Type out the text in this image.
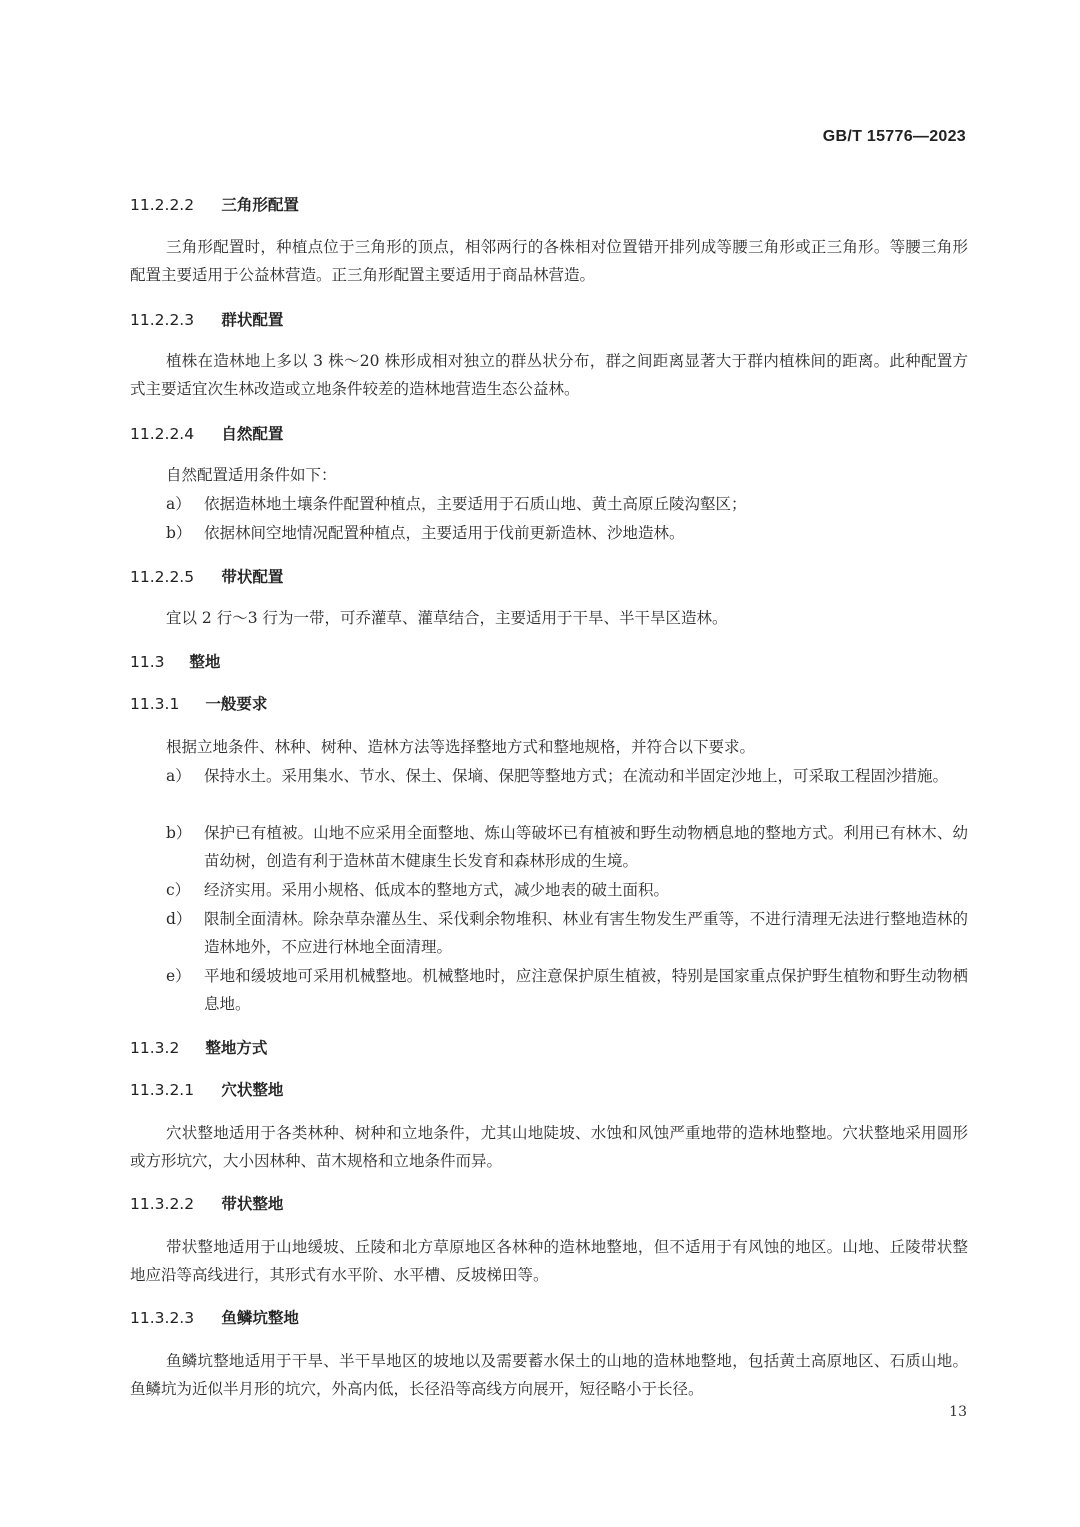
GB/T 15776—2023
11.2.2.2 三角形配置
三角形配置时，种植点位于三角形的顶点，相邻两行的各株相对位置错开排列成等腰三角形或正三角形。等腰三角形配置主要适用于公益林营造。正三角形配置主要适用于商品林营造。
11.2.2.3 群状配置
植株在造林地上多以 3 株～20 株形成相对独立的群丛状分布，群之间距离显著大于群内植株间的距离。此种配置方式主要适宜次生林改造或立地条件较差的造林地营造生态公益林。
11.2.2.4 自然配置
自然配置适用条件如下：
a） 依据造林地土壤条件配置种植点，主要适用于石质山地、黄土高原丘陵沟壑区；
b） 依据林间空地情况配置种植点，主要适用于伐前更新造林、沙地造林。
11.2.2.5 带状配置
宜以 2 行～3 行为一带，可乔灌草、灌草结合，主要适用于干旱、半干旱区造林。
11.3 整地
11.3.1 一般要求
根据立地条件、林种、树种、造林方法等选择整地方式和整地规格，并符合以下要求。
a） 保持水土。采用集水、节水、保土、保墒、保肥等整地方式；在流动和半固定沙地上，可采取工程固沙措施。
b） 保护已有植被。山地不应采用全面整地、炼山等破坏已有植被和野生动物栖息地的整地方式。利用已有林木、幼苗幼树，创造有利于造林苗木健康生长发育和森林形成的生境。
c） 经济实用。采用小规格、低成本的整地方式，减少地表的破土面积。
d） 限制全面清林。除杂草杂灌丛生、采伐剩余物堆积、林业有害生物发生严重等，不进行清理无法进行整地造林的造林地外，不应进行林地全面清理。
e） 平地和缓坡地可采用机械整地。机械整地时，应注意保护原生植被，特别是国家重点保护野生植物和野生动物栖息地。
11.3.2 整地方式
11.3.2.1 穴状整地
穴状整地适用于各类林种、树种和立地条件，尤其山地陡坡、水蚀和风蚀严重地带的造林地整地。穴状整地采用圆形或方形坑穴，大小因林种、苗木规格和立地条件而异。
11.3.2.2 带状整地
带状整地适用于山地缓坡、丘陵和北方草原地区各林种的造林地整地，但不适用于有风蚀的地区。山地、丘陵带状整地应沿等高线进行，其形式有水平阶、水平槽、反坡梯田等。
11.3.2.3 鱼鳞坑整地
鱼鳞坑整地适用于干旱、半干旱地区的坡地以及需要蓄水保土的山地的造林地整地，包括黄土高原地区、石质山地。鱼鳞坑为近似半月形的坑穴，外高内低，长径沿等高线方向展开，短径略小于长径。
13
